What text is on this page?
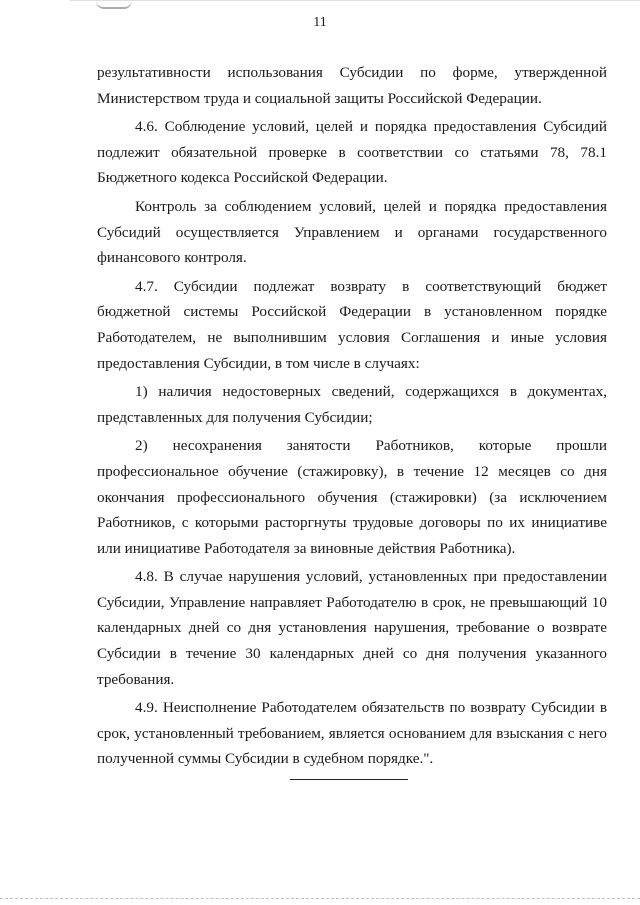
11

результативности использования Субсидии по форме, утвержденной Министерством труда и социальной защиты Российской Федерации.

4.6. Соблюдение условий, целей и порядка предоставления Субсидий подлежит обязательной проверке в соответствии со статьями 78, 78.1 Бюджетного кодекса Российской Федерации.

Контроль за соблюдением условий, целей и порядка предоставления Субсидий осуществляется Управлением и органами государственного финансового контроля.

4.7. Субсидии подлежат возврату в соответствующий бюджет бюджетной системы Российской Федерации в установленном порядке Работодателем, не выполнившим условия Соглашения и иные условия предоставления Субсидии, в том числе в случаях:

1) наличия недостоверных сведений, содержащихся в документах, представленных для получения Субсидии;

2) несохранения занятости Работников, которые прошли профессиональное обучение (стажировку), в течение 12 месяцев со дня окончания профессионального обучения (стажировки) (за исключением Работников, с которыми расторгнуты трудовые договоры по их инициативе или инициативе Работодателя за виновные действия Работника).

4.8. В случае нарушения условий, установленных при предоставлении Субсидии, Управление направляет Работодателю в срок, не превышающий 10 календарных дней со дня установления нарушения, требование о возврате Субсидии в течение 30 календарных дней со дня получения указанного требования.

4.9. Неисполнение Работодателем обязательств по возврату Субсидии в срок, установленный требованием, является основанием для взыскания с него полученной суммы Субсидии в судебном порядке.".
